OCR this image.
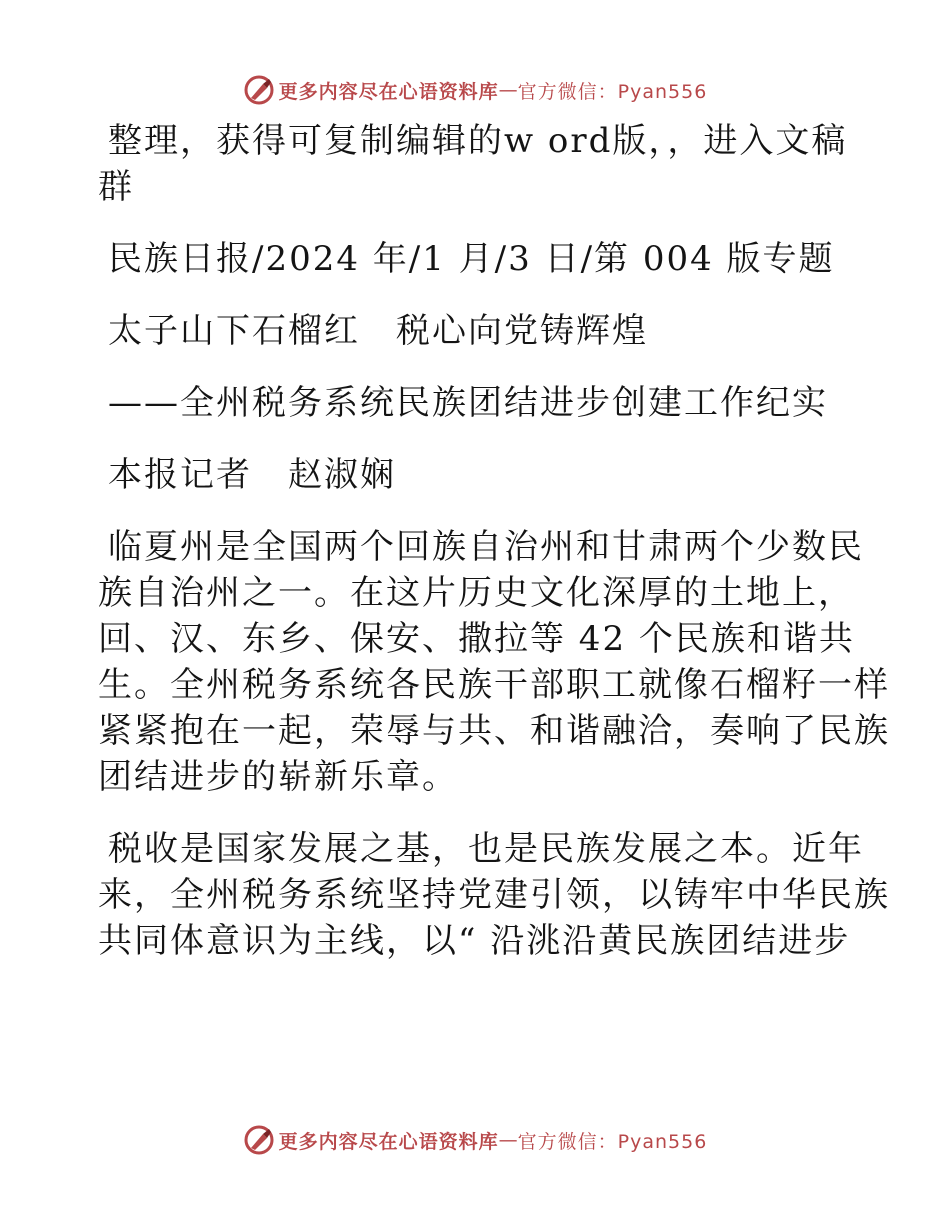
更多内容尽在心语资料库 — 官方微信：Pyan556
整理，获得可复制编辑的w ord版，，进入文稿
群
民族日报/2024 年/1 月/3 日/第 004 版专题
太子山下石榴红　税心向党铸辉煌
——全州税务系统民族团结进步创建工作纪实
本报记者　赵淑娴
临夏州是全国两个回族自治州和甘肃两个少数民
族自治州之一。在这片历史文化深厚的土地上，
回、汉、东乡、保安、撒拉等 42 个民族和谐共
生。全州税务系统各民族干部职工就像石榴籽一样
紧紧抱在一起，荣辱与共、和谐融洽，奏响了民族
团结进步的崭新乐章。
税收是国家发展之基，也是民族发展之本。近年
来，全州税务系统坚持党建引领，以铸牢中华民族
共同体意识为主线，以“ 沿洮沿黄民族团结进步
更多内容尽在心语资料库 — 官方微信：Pyan556
